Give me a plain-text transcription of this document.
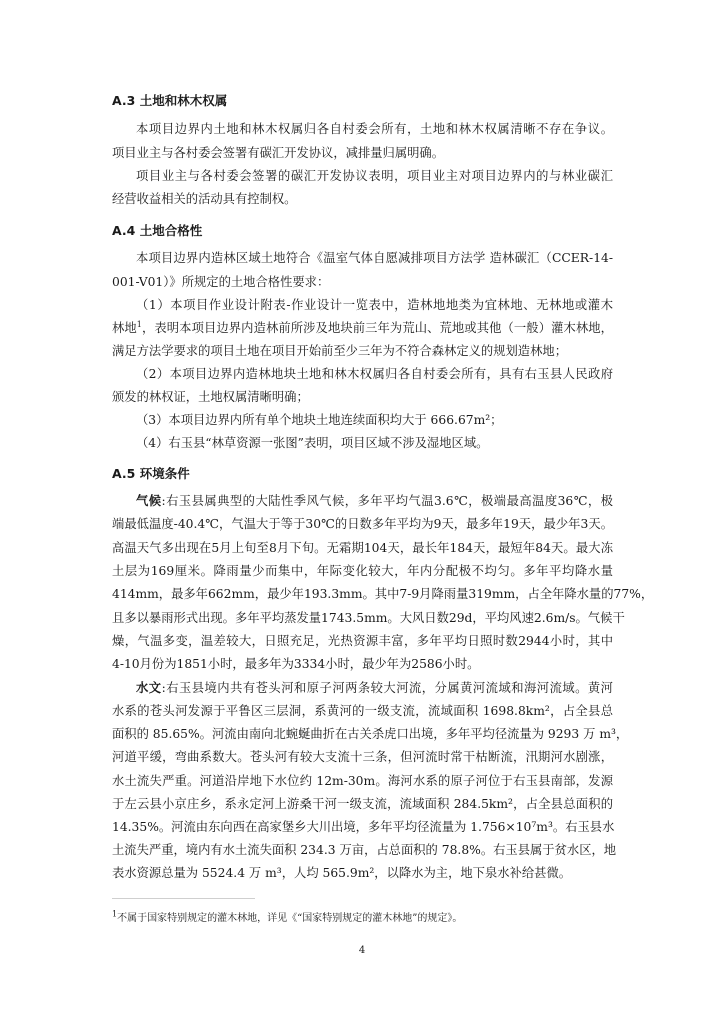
A.3 土地和林木权属
本项目边界内土地和林木权属归各自村委会所有，土地和林木权属清晰不存在争议。
项目业主与各村委会签署有碳汇开发协议，减排量归属明确。
项目业主与各村委会签署的碳汇开发协议表明，项目业主对项目边界内的与林业碳汇
经营收益相关的活动具有控制权。
A.4 土地合格性
本项目边界内造林区域土地符合《温室气体自愿减排项目方法学 造林碳汇（CCER-14-
001-V01）》所规定的土地合格性要求：
（1）本项目作业设计附表-作业设计一览表中，造林地地类为宜林地、无林地或灌木
林地$^1$，表明本项目边界内造林前所涉及地块前三年为荒山、荒地或其他（一般）灌木林地，
满足方法学要求的项目土地在项目开始前至少三年为不符合森林定义的规划造林地；
（2）本项目边界内造林地块土地和林木权属归各自村委会所有，具有右玉县人民政府
颁发的林权证，土地权属清晰明确；
（3）本项目边界内所有单个地块土地连续面积均大于 666.67m²；
（4）右玉县“林草资源一张图”表明，项目区域不涉及湿地区域。
A.5 环境条件
气候:右玉县属典型的大陆性季风气候，多年平均气温3.6℃，极端最高温度36℃，极
端最低温度-40.4℃，气温大于等于30℃的日数多年平均为9天，最多年19天，最少年3天。
高温天气多出现在5月上旬至8月下旬。无霜期104天，最长年184天，最短年84天。最大冻
土层为169厘米。降雨量少而集中，年际变化较大，年内分配极不均匀。多年平均降水量
414mm，最多年662mm，最少年193.3mm。其中7-9月降雨量319mm，占全年降水量的77%，
且多以暴雨形式出现。多年平均蒸发量1743.5mm。大风日数29d，平均风速2.6m/s。气候干
燥，气温多变，温差较大，日照充足，光热资源丰富，多年平均日照时数2944小时，其中
4-10月份为1851小时，最多年为3334小时，最少年为2586小时。
水文:右玉县境内共有苍头河和原子河两条较大河流，分属黄河流域和海河流域。黄河
水系的苍头河发源于平鲁区三层洞，系黄河的一级支流，流域面积 1698.8km²，占全县总
面积的 85.65%。河流由南向北蜿蜒曲折在古关杀虎口出境，多年平均径流量为 9293 万 m³，
河道平缓，弯曲系数大。苍头河有较大支流十三条，但河流时常干枯断流，汛期河水剧涨，
水土流失严重。河道沿岸地下水位约 12m-30m。海河水系的原子河位于右玉县南部，发源
于左云县小京庄乡，系永定河上游桑干河一级支流，流域面积 284.5km²，占全县总面积的
14.35%。河流由东向西在高家堡乡大川出境，多年平均径流量为 1.756×10⁷m³。右玉县水
土流失严重，境内有水土流失面积 234.3 万亩，占总面积的 78.8%。右玉县属于贫水区，地
表水资源总量为 5524.4 万 m³，人均 565.9m²，以降水为主，地下泉水补给甚微。
$^1$不属于国家特别规定的灌木林地，详见《“国家特别规定的灌木林地”的规定》。
4
